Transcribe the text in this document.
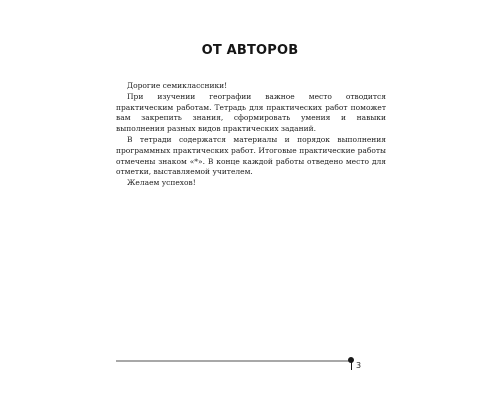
ОТ АВТОРОВ

Дорогие семиклассники!

При изучении географии важное место отводится практическим работам. Тетрадь для практических работ поможет вам закрепить знания, сформировать умения и навыки выполнения разных видов практических заданий.

В тетради содержатся материалы и порядок выполнения программных практических работ. Итоговые практические работы отмечены знаком «*». В конце каждой работы отведено место для отметки, выставляемой учителем.

Желаем успехов!

3
